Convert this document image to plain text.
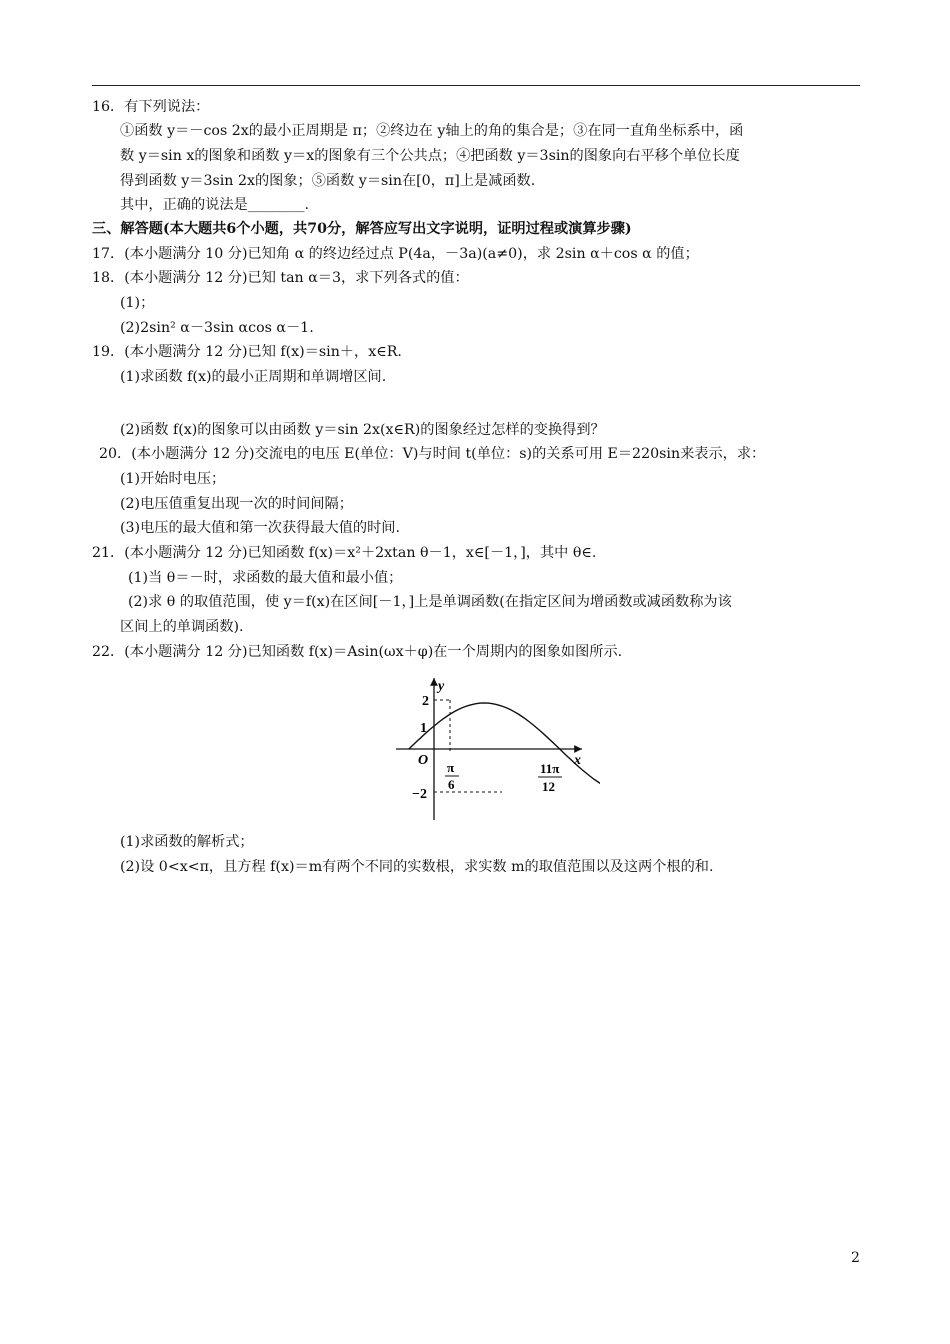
16．有下列说法：
①函数 y＝－cos 2x的最小正周期是 π；②终边在 y轴上的角的集合是；③在同一直角坐标系中，函
数 y＝sin x的图象和函数 y＝x的图象有三个公共点；④把函数 y＝3sin的图象向右平移个单位长度
得到函数 y＝3sin 2x的图象；⑤函数 y＝sin在[0，π]上是减函数.
其中，正确的说法是________.
三、解答题(本大题共6个小题，共70分，解答应写出文字说明，证明过程或演算步骤)
17．(本小题满分 10 分)已知角 α 的终边经过点 P(4a，－3a)(a≠0)，求 2sin α＋cos α 的值；
18．(本小题满分 12 分)已知 tan α＝3，求下列各式的值：
(1)；
(2)2sin² α－3sin αcos α－1.
19．(本小题满分 12 分)已知 f(x)＝sin＋，x∈R.
(1)求函数 f(x)的最小正周期和单调增区间.
(2)函数 f(x)的图象可以由函数 y＝sin 2x(x∈R)的图象经过怎样的变换得到？
20．(本小题满分 12 分)交流电的电压 E(单位：V)与时间 t(单位：s)的关系可用 E＝220sin来表示，求：
(1)开始时电压；
(2)电压值重复出现一次的时间间隔；
(3)电压的最大值和第一次获得最大值的时间.
21．(本小题满分 12 分)已知函数 f(x)＝x²＋2xtan θ－1，x∈[－1，]，其中 θ∈.
(1)当 θ＝－时，求函数的最大值和最小值；
(2)求 θ 的取值范围，使 y＝f(x)在区间[－1，]上是单调函数(在指定区间为增函数或减函数称为该
区间上的单调函数).
22．(本小题满分 12 分)已知函数 f(x)＝Asin(ωx＋φ)在一个周期内的图象如图所示.
y
x
O
2
1
−2
π
6
11π
12
(1)求函数的解析式；
(2)设 0<x<π，且方程 f(x)＝m有两个不同的实数根，求实数 m的取值范围以及这两个根的和.
2
